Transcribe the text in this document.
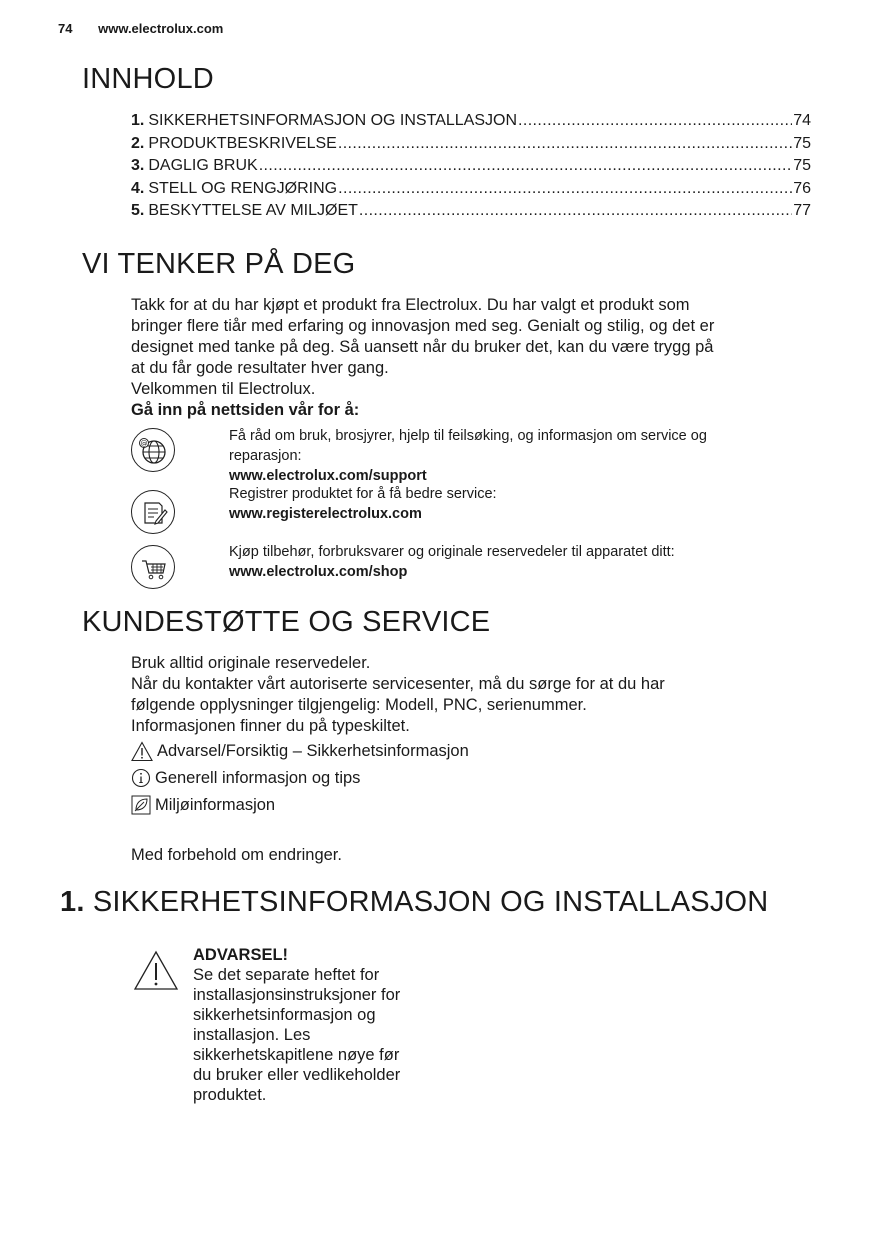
74 www.electrolux.com
INNHOLD
1. SIKKERHETSINFORMASJON OG INSTALLASJON .....	74
2. PRODUKTBESKRIVELSE .....	75
3. DAGLIG BRUK .....	75
4. STELL OG RENGJØRING .....	76
5. BESKYTTELSE AV MILJØET .....	77
VI TENKER PÅ DEG

Takk for at du har kjøpt et produkt fra Electrolux. Du har valgt et produkt som

bringer flere tiår med erfaring og innovasjon med seg. Genialt og stilig, og det er

designet med tanke på deg. Så uansett når du bruker det, kan du være trygg på

at du får gode resultater hver gang.

Velkommen til Electrolux.

Gå inn på nettsiden vår for å:

@	Få råd om bruk, brosjyrer, hjelp til feilsøking, og informasjon om service og
reparasjon:
www.electrolux.com/support
Registrer produktet for å få bedre service:
www.registerelectrolux.com
Kjøp tilbehør, forbruksvarer og originale reservedeler til apparatet ditt:
www.electrolux.com/shop
KUNDESTØTTE OG SERVICE

Bruk alltid originale reservedeler.

Når du kontakter vårt autoriserte servicesenter, må du sørge for at du har

følgende opplysninger tilgjengelig: Modell, PNC, serienummer.

Informasjonen finner du på typeskiltet.

Advarsel/Forsiktig – Sikkerhetsinformasjon
Generell informasjon og tips
Miljøinformasjon

Med forbehold om endringer.

1. SIKKERHETSINFORMASJON OG INSTALLASJON
ADVARSEL!
Se det separate heftet for
installasjonsinstruksjoner for
sikkerhetsinformasjon og
installasjon. Les
sikkerhetskapitlene nøye før
du bruker eller vedlikeholder
produktet.
